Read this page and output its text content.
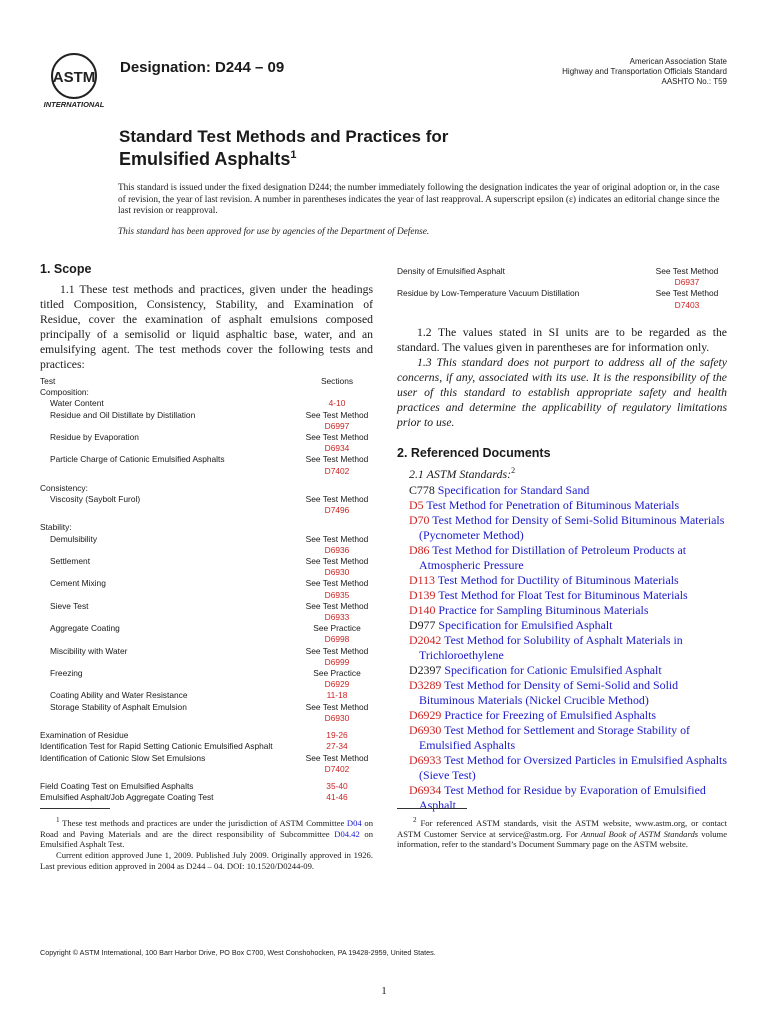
ASTM
INTERNATIONAL
Designation: D244 – 09	American Association State
Highway and Transportation Officials Standard
AASHTO No.: T59
Standard Test Methods and Practices for
Emulsified Asphalts$^1$
This standard is issued under the fixed designation D244; the number immediately following the designation indicates the year of original adoption or, in the case of revision, the year of last revision. A number in parentheses indicates the year of last reapproval. A superscript epsilon (ε) indicates an editorial change since the last revision or reapproval.
This standard has been approved for use by agencies of the Department of Defense.
1. Scope

1.1 These test methods and practices, given under the headings titled Composition, Consistency, Stability, and Examination of Residue, cover the examination of asphalt emulsions composed principally of a semisolid or liquid asphaltic base, water, and an emulsifying agent. The test methods cover the following tests and practices:

Test	Sections
Composition:
Water Content	4-10
Residue and Oil Distillate by Distillation	See Test Method
D6997
Residue by Evaporation	See Test Method
D6934
Particle Charge of Cationic Emulsified Asphalts	See Test Method
D7402
Consistency:
Viscosity (Saybolt Furol)	See Test Method
D7496
Stability:
Demulsibility	See Test Method
D6936
Settlement	See Test Method
D6930
Cement Mixing	See Test Method
D6935
Sieve Test	See Test Method
D6933
Aggregate Coating	See Practice
D6998
Miscibility with Water	See Test Method
D6999
Freezing	See Practice
D6929
Coating Ability and Water Resistance	11-18
Storage Stability of Asphalt Emulsion	See Test Method
D6930
Examination of Residue	19-26
Identification Test for Rapid Setting Cationic Emulsified Asphalt	27-34
Identification of Cationic Slow Set Emulsions	See Test Method
D7402
Field Coating Test on Emulsified Asphalts	35-40
Emulsified Asphalt/Job Aggregate Coating Test	41-46
$^1$ These test methods and practices are under the jurisdiction of ASTM Committee D04 on Road and Paving Materials and are the direct responsibility of Subcommittee D04.42 on Emulsified Asphalt Test.
Current edition approved June 1, 2009. Published July 2009. Originally approved in 1926. Last previous edition approved in 2004 as D244 – 04. DOI: 10.1520/D0244-09.
Density of Emulsified Asphalt	See Test Method
D6937
Residue by Low-Temperature Vacuum Distillation	See Test Method
D7403

1.2 The values stated in SI units are to be regarded as the standard. The values given in parentheses are for information only.

1.3 This standard does not purport to address all of the safety concerns, if any, associated with its use. It is the responsibility of the user of this standard to establish appropriate safety and health practices and determine the applicability of regulatory limitations prior to use.

2. Referenced Documents
2.1 ASTM Standards:$^2$
C778 Specification for Standard Sand
D5 Test Method for Penetration of Bituminous Materials
D70 Test Method for Density of Semi-Solid Bituminous Materials (Pycnometer Method)
D86 Test Method for Distillation of Petroleum Products at Atmospheric Pressure
D113 Test Method for Ductility of Bituminous Materials
D139 Test Method for Float Test for Bituminous Materials
D140 Practice for Sampling Bituminous Materials
D977 Specification for Emulsified Asphalt
D2042 Test Method for Solubility of Asphalt Materials in Trichloroethylene
D2397 Specification for Cationic Emulsified Asphalt
D3289 Test Method for Density of Semi-Solid and Solid Bituminous Materials (Nickel Crucible Method)
D6929 Practice for Freezing of Emulsified Asphalts
D6930 Test Method for Settlement and Storage Stability of Emulsified Asphalts
D6933 Test Method for Oversized Particles in Emulsified Asphalts (Sieve Test)
D6934 Test Method for Residue by Evaporation of Emulsified Asphalt
$^2$ For referenced ASTM standards, visit the ASTM website, www.astm.org, or contact ASTM Customer Service at service@astm.org. For Annual Book of ASTM Standards volume information, refer to the standard’s Document Summary page on the ASTM website.
Copyright © ASTM International, 100 Barr Harbor Drive, PO Box C700, West Conshohocken, PA 19428-2959, United States.
1
